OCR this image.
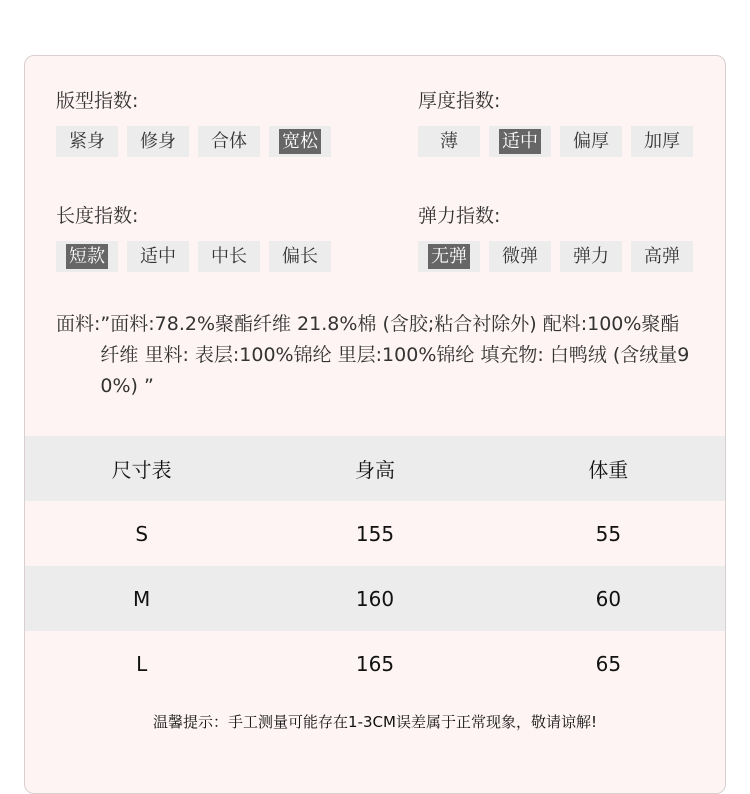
版型指数:
紧身	修身	合体	宽松
厚度指数:
薄	适中	偏厚	加厚
长度指数:
短款	适中	中长	偏长
弹力指数:
无弹	微弹	弹力	高弹
面料: ”面料:78.2%聚酯纤维 21.8%棉 (含胶;粘合衬除外) 配料:100%聚酯纤维 里料: 表层:100%锦纶 里层:100%锦纶 填充物: 白鸭绒 (含绒量90%) ”
尺寸表	身高	体重
S	155	55
M	160	60
L	165	65
温馨提示：手工测量可能存在1-3CM误差属于正常现象，敬请谅解!
